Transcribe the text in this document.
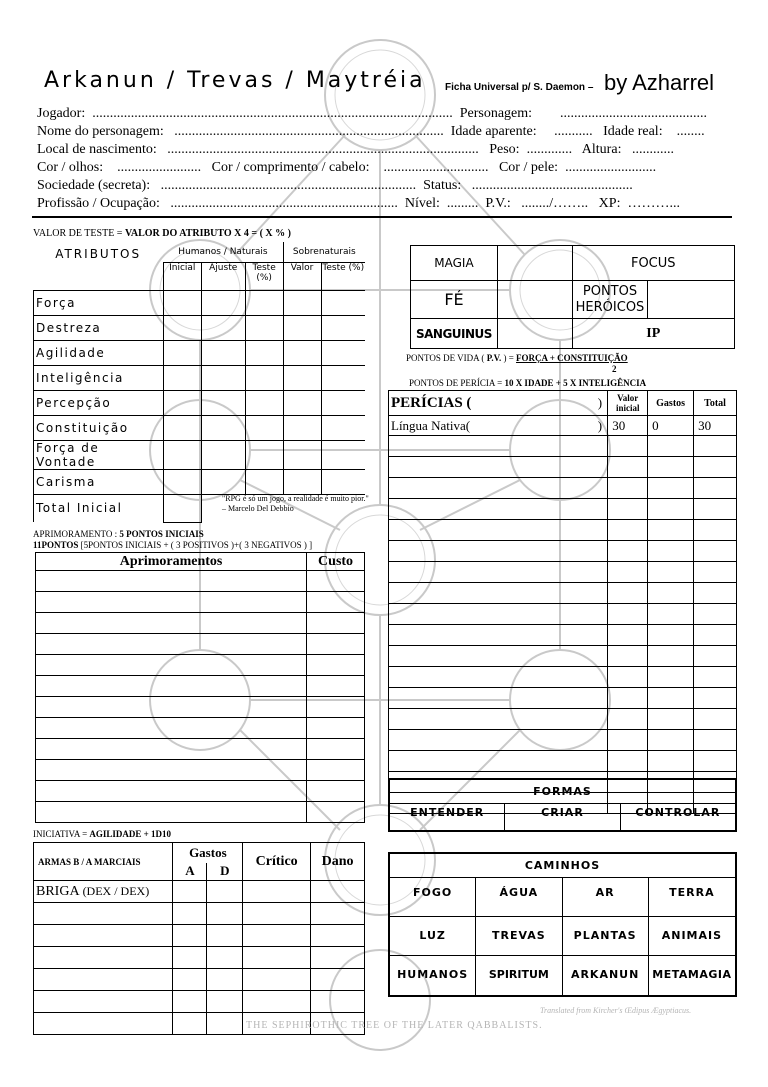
Arkanun / Trevas / Maytréia Ficha Universal p/ S. Daemon – by Azharrel
Jogador:  .......................................................................................................  Personagem:        ..........................................
Nome do personagem:   .............................................................................  Idade aparente:     ...........   Idade real:    ........
Local de nascimento:   .........................................................................................   Peso:  .............   Altura:   ............
Cor / olhos:    ........................   Cor / comprimento / cabelo:    ..............................   Cor / pele:  ..........................
Sociedade (secreta):   .........................................................................  Status:   ..............................................
Profissão / Ocupação:   .................................................................  Nível:  .........  P.V.:   ......../……..   XP:  ………...
VALOR DE TESTE = VALOR DO ATRIBUTO X 4 = ( X % )
ATRIBUTOS	Humanos / Naturais			Sobrenaturais	
	Inicial	Ajuste	Teste (%)	Valor	Teste (%)
Força					
Destreza					
Agilidade					
Inteligência					
Percepção					
Constituição					
Força de Vontade					
Carisma					
Total Inicial					
"RPG é só um jogo, a realidade é muito pior." – Marcelo Del Debbio
MAGIA		FOCUS	
FÉ		PONTOS HERÓICOS	
SANGUINUS		IP	
PONTOS DE VIDA ( P.V. ) = FORÇA + CONSTITUIÇÃO
2
PONTOS DE PERÍCIA = 10 X IDADE + 5 X INTELIGÊNCIA
PERÍCIAS (	)	Valor inicial	Gastos	Total
Língua Nativa(	)	30	0	30

APRIMORAMENTO : 5 PONTOS INICIAIS
11PONTOS [5PONTOS INICIAIS + ( 3 POSITIVOS )+( 3 NEGATIVOS ) ]
Aprimoramentos	Custo

INICIATIVA = AGILIDADE + 1D10
ARMAS B / A MARCIAIS	Gastos		Crítico	Dano
	A	D		
BRIGA (DEX / DEX)				

FORMAS
ENTENDER	CRIAR	CONTROLAR
CAMINHOS
FOGO	ÁGUA	AR	TERRA
LUZ	TREVAS	PLANTAS	ANIMAIS
HUMANOS	SPIRITUM	ARKANUN	METAMAGIA
Translated from Kircher's Œdipus Ægyptiacus.
THE SEPHIROTHIC TREE OF THE LATER QABBALISTS.
